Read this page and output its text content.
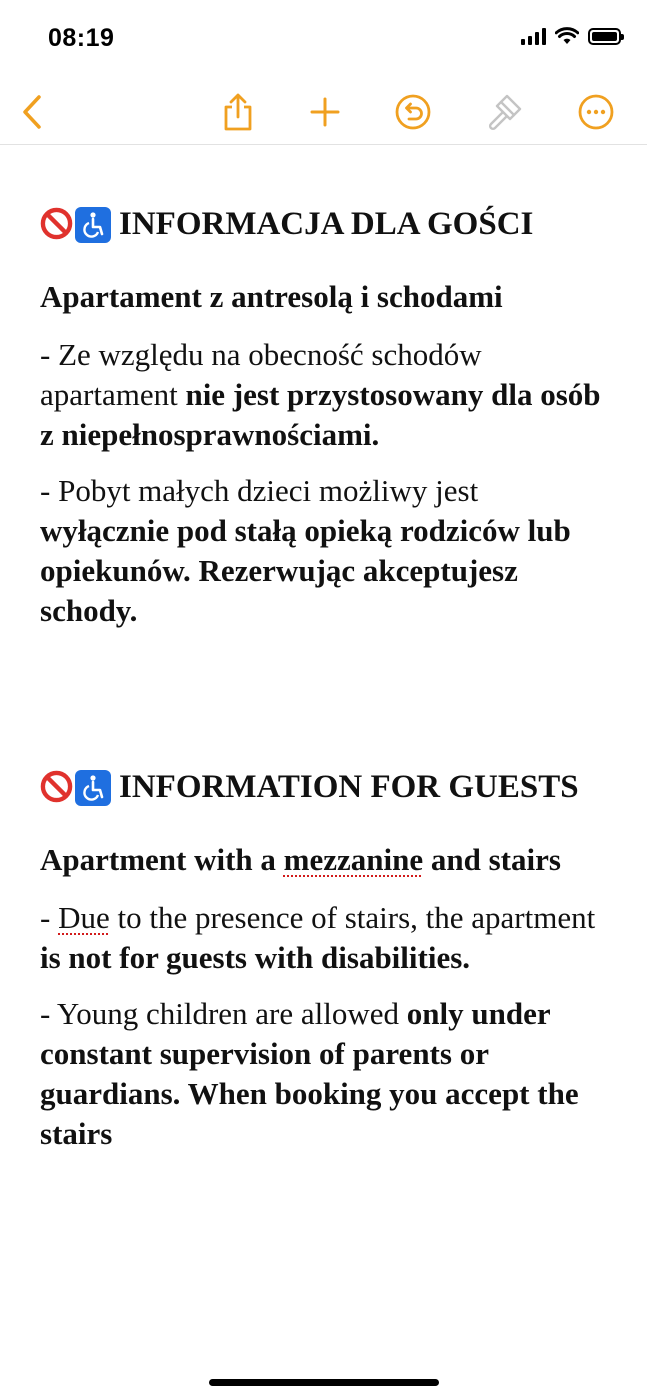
08:19
INFORMACJA DLA GOŚCI

Apartament z antresolą i schodami

- Ze względu na obecność schodów apartament nie jest przystosowany dla osób z niepełnosprawnościami.

- Pobyt małych dzieci możliwy jest wyłącznie pod stałą opieką rodziców lub opiekunów. Rezerwując akceptujesz schody.

INFORMATION FOR GUESTS

Apartment with a mezzanine and stairs

- Due to the presence of stairs, the apartment is not for guests with disabilities.

- Young children are allowed only under constant supervision of parents or guardians. When booking you accept the stairs
